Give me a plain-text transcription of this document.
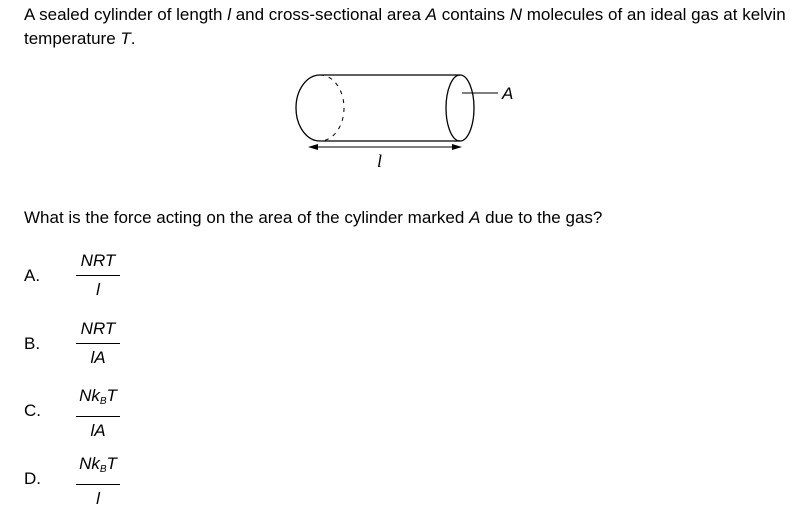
A sealed cylinder of length l and cross-sectional area A contains N molecules of an ideal gas at kelvin temperature T.

A
l

What is the force acting on the area of the cylinder marked A due to the gas?

A.
NRT
l
B.
NRT
lA
C.
$Nk_BT$
lA
D.
$Nk_BT$
l
